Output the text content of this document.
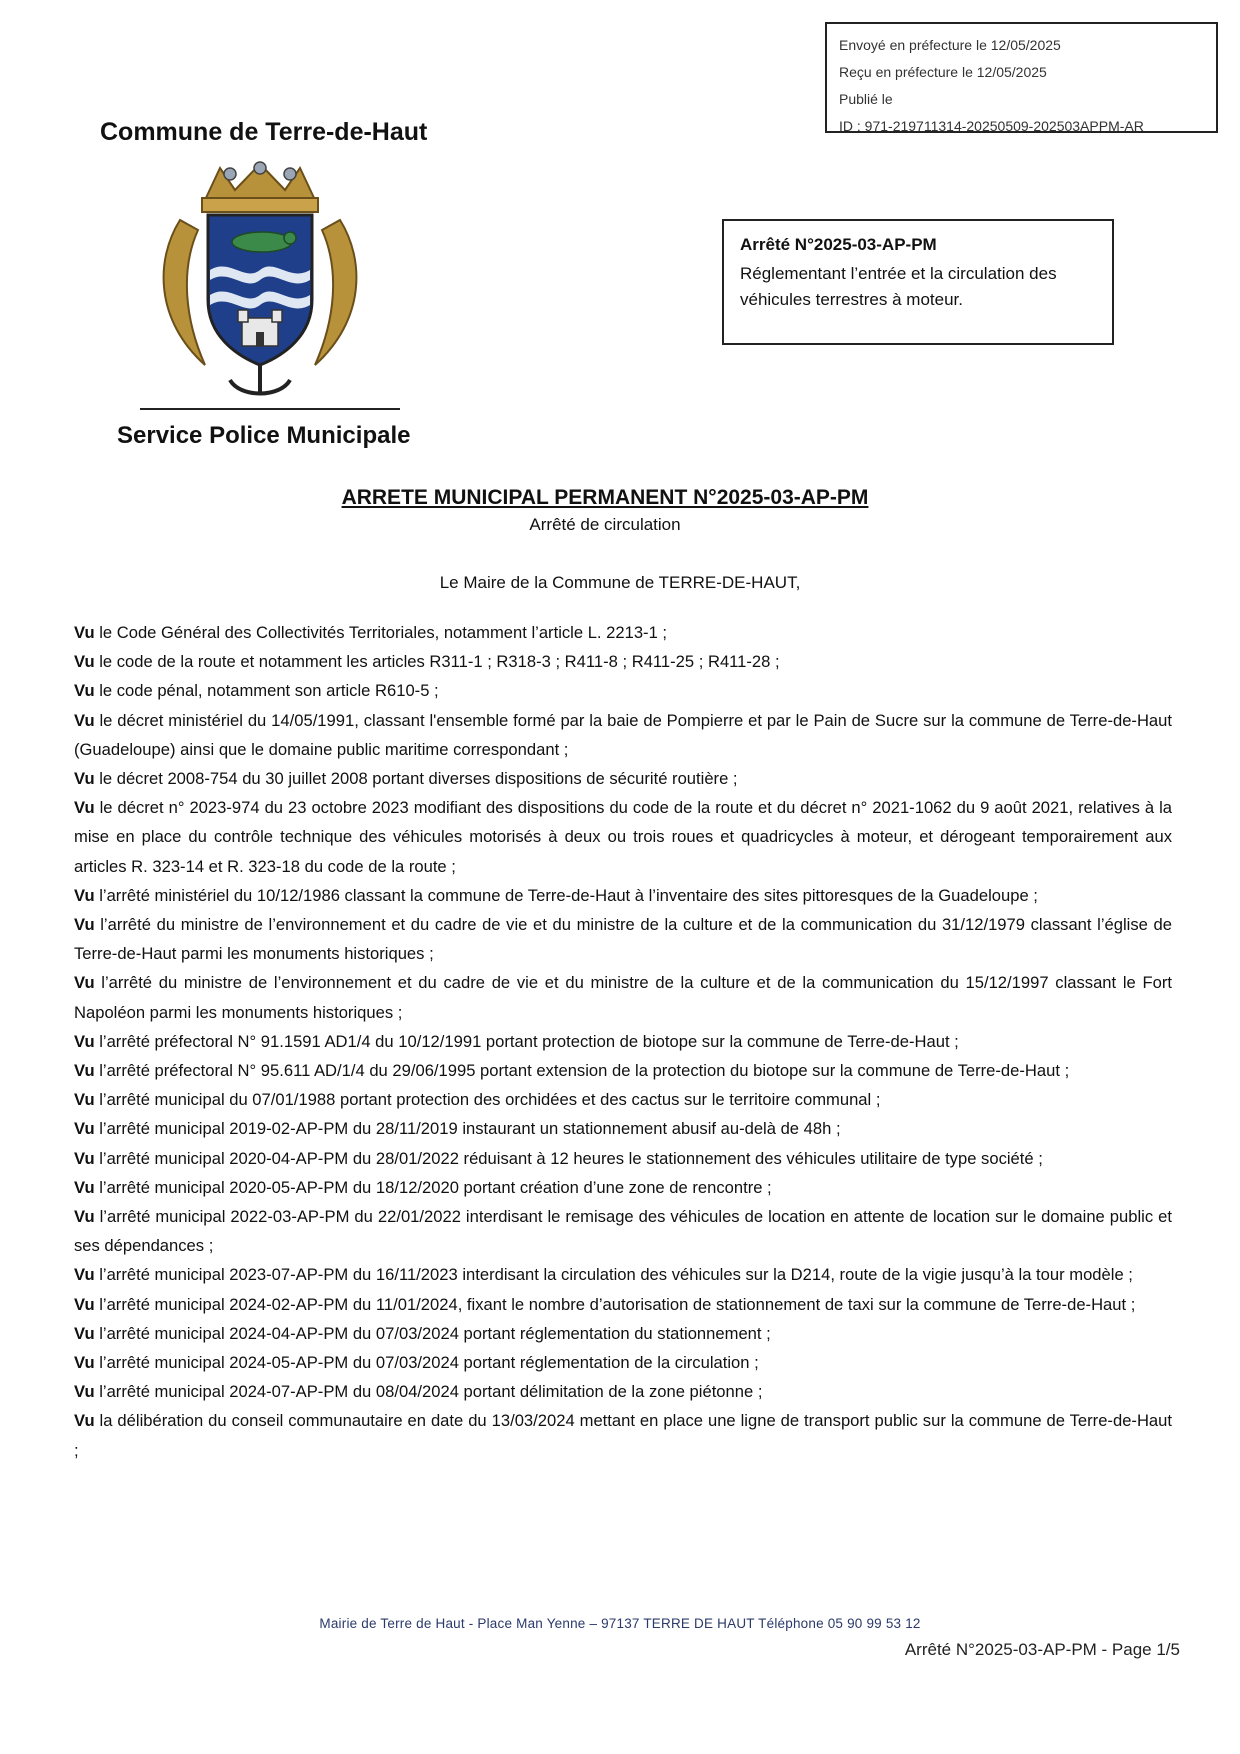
Envoyé en préfecture le 12/05/2025
Reçu en préfecture le 12/05/2025
Publié le
ID : 971-219711314-20250509-202503APPM-AR
Commune de Terre-de-Haut
Service Police Municipale
Arrêté N°2025-03-AP-PM
Réglementant l’entrée et la circulation des véhicules terrestres à moteur.
ARRETE MUNICIPAL PERMANENT N°2025-03-AP-PM
Arrêté de circulation
Le Maire de la Commune de TERRE-DE-HAUT,

Vu le Code Général des Collectivités Territoriales, notamment l’article L. 2213-1 ;

Vu le code de la route et notamment les articles R311-1 ; R318-3 ; R411-8 ; R411-25 ; R411-28 ;

Vu le code pénal, notamment son article R610-5 ;

Vu le décret ministériel du 14/05/1991, classant l'ensemble formé par la baie de Pompierre et par le Pain de Sucre sur la commune de Terre-de-Haut (Guadeloupe) ainsi que le domaine public maritime correspondant ;

Vu le décret 2008-754 du 30 juillet 2008 portant diverses dispositions de sécurité routière ;

Vu le décret n° 2023-974 du 23 octobre 2023 modifiant des dispositions du code de la route et du décret n° 2021-1062 du 9 août 2021, relatives à la mise en place du contrôle technique des véhicules motorisés à deux ou trois roues et quadricycles à moteur, et dérogeant temporairement aux articles R. 323-14 et R. 323-18 du code de la route ;

Vu l’arrêté ministériel du 10/12/1986 classant la commune de Terre-de-Haut à l’inventaire des sites pittoresques de la Guadeloupe ;

Vu l’arrêté du ministre de l’environnement et du cadre de vie et du ministre de la culture et de la communication du 31/12/1979 classant l’église de Terre-de-Haut parmi les monuments historiques ;

Vu l’arrêté du ministre de l’environnement et du cadre de vie et du ministre de la culture et de la communication du 15/12/1997 classant le Fort Napoléon parmi les monuments historiques ;

Vu l’arrêté préfectoral N° 91.1591 AD1/4 du 10/12/1991 portant protection de biotope sur la commune de Terre-de-Haut ;

Vu l’arrêté préfectoral N° 95.611 AD/1/4 du 29/06/1995 portant extension de la protection du biotope sur la commune de Terre-de-Haut ;

Vu l’arrêté municipal du 07/01/1988 portant protection des orchidées et des cactus sur le territoire communal ;

Vu l’arrêté municipal 2019-02-AP-PM du 28/11/2019 instaurant un stationnement abusif au-delà de 48h ;

Vu l’arrêté municipal 2020-04-AP-PM du 28/01/2022 réduisant à 12 heures le stationnement des véhicules utilitaire de type société ;

Vu l’arrêté municipal 2020-05-AP-PM du 18/12/2020 portant création d’une zone de rencontre ;

Vu l’arrêté municipal 2022-03-AP-PM du 22/01/2022 interdisant le remisage des véhicules de location en attente de location sur le domaine public et ses dépendances ;

Vu l’arrêté municipal 2023-07-AP-PM du 16/11/2023 interdisant la circulation des véhicules sur la D214, route de la vigie jusqu’à la tour modèle ;

Vu l’arrêté municipal 2024-02-AP-PM du 11/01/2024, fixant le nombre d’autorisation de stationnement de taxi sur la commune de Terre-de-Haut ;

Vu l’arrêté municipal 2024-04-AP-PM du 07/03/2024 portant réglementation du stationnement ;

Vu l’arrêté municipal 2024-05-AP-PM du 07/03/2024 portant réglementation de la circulation ;

Vu l’arrêté municipal 2024-07-AP-PM du 08/04/2024 portant délimitation de la zone piétonne ;

Vu la délibération du conseil communautaire en date du 13/03/2024 mettant en place une ligne de transport public sur la commune de Terre-de-Haut ;

Mairie de Terre de Haut - Place Man Yenne – 97137 TERRE DE HAUT Téléphone 05 90 99 53 12
Arrêté N°2025-03-AP-PM - Page 1/5
